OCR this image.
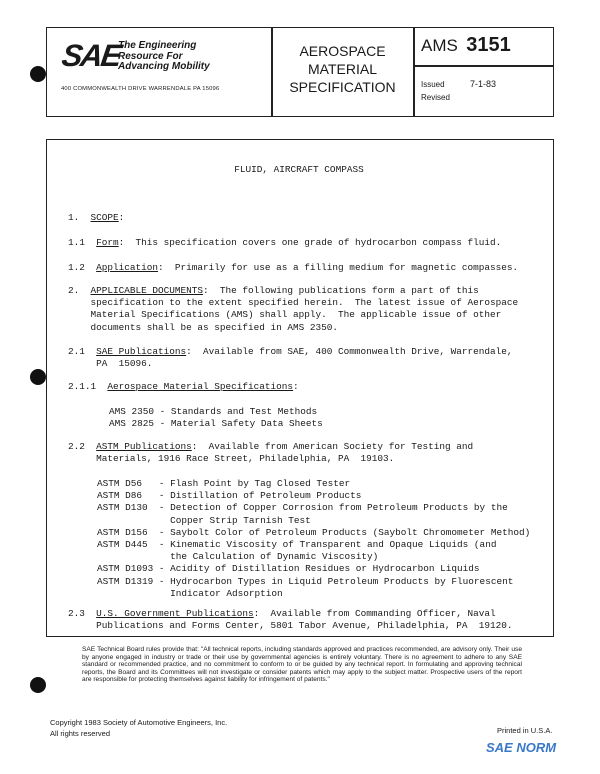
SAE
The Engineering
Resource For
Advancing Mobility
400 COMMONWEALTH DRIVE WARRENDALE PA 15096
AEROSPACE
MATERIAL
SPECIFICATION
AMS 3151
Issued	7-1-83
Revised
FLUID, AIRCRAFT COMPASS
1.  SCOPE:
1.1  Form:  This specification covers one grade of hydrocarbon compass fluid.
1.2  Application:  Primarily for use as a filling medium for magnetic compasses.
2.  APPLICABLE DOCUMENTS:  The following publications form a part of this
specification to the extent specified herein.  The latest issue of Aerospace
Material Specifications (AMS) shall apply.  The applicable issue of other
documents shall be as specified in AMS 2350.
2.1  SAE Publications:  Available from SAE, 400 Commonwealth Drive, Warrendale,
PA  15096.
2.1.1  Aerospace Material Specifications:
AMS 2350 - Standards and Test Methods
AMS 2825 - Material Safety Data Sheets
2.2  ASTM Publications:  Available from American Society for Testing and
Materials, 1916 Race Street, Philadelphia, PA  19103.
ASTM D56   - Flash Point by Tag Closed Tester
ASTM D86   - Distillation of Petroleum Products
ASTM D130  - Detection of Copper Corrosion from Petroleum Products by the
Copper Strip Tarnish Test
ASTM D156  - Saybolt Color of Petroleum Products (Saybolt Chromometer Method)
ASTM D445  - Kinematic Viscosity of Transparent and Opaque Liquids (and
the Calculation of Dynamic Viscosity)
ASTM D1093 - Acidity of Distillation Residues or Hydrocarbon Liquids
ASTM D1319 - Hydrocarbon Types in Liquid Petroleum Products by Fluorescent
Indicator Adsorption
2.3  U.S. Government Publications:  Available from Commanding Officer, Naval
Publications and Forms Center, 5801 Tabor Avenue, Philadelphia, PA  19120.
SAE Technical Board rules provide that: "All technical reports, including standards approved and practices recommended, are advisory only. Their use by anyone engaged in industry or trade or their use by governmental agencies is entirely voluntary. There is no agreement to adhere to any SAE standard or recommended practice, and no commitment to conform to or be guided by any technical report. In formulating and approving technical reports, the Board and its Committees will not investigate or consider patents which may apply to the subject matter. Prospective users of the report are responsible for protecting themselves against liability for infringement of patents."
Copyright 1983 Society of Automotive Engineers, Inc.
All rights reserved	Printed in U.S.A.
SAE NORM
